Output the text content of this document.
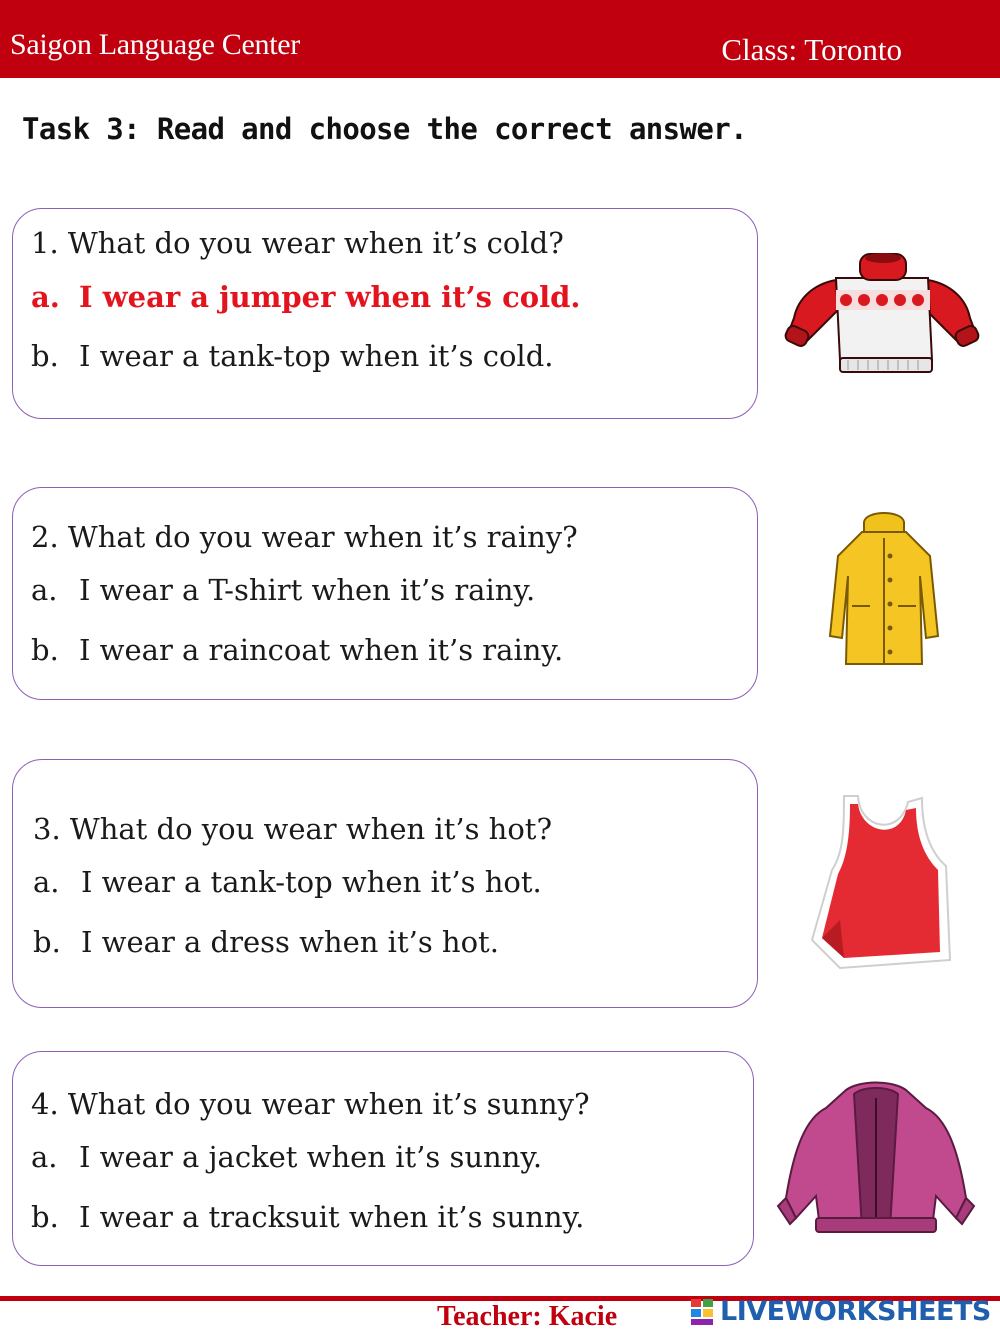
Saigon Language Center	Class: Toronto
Task 3: Read and choose the correct answer.
1. What do you wear when it’s cold?
a. I wear a jumper when it’s cold.
b. I wear a tank-top when it’s cold.
2. What do you wear when it’s rainy?
a. I wear a T-shirt when it’s rainy.
b. I wear a raincoat when it’s rainy.
3. What do you wear when it’s hot?
a. I wear a tank-top when it’s hot.
b. I wear a dress when it’s hot.
4. What do you wear when it’s sunny?
a. I wear a jacket when it’s sunny.
b. I wear a tracksuit when it’s sunny.
Teacher: Kacie	LIVEWORKSHEETS
